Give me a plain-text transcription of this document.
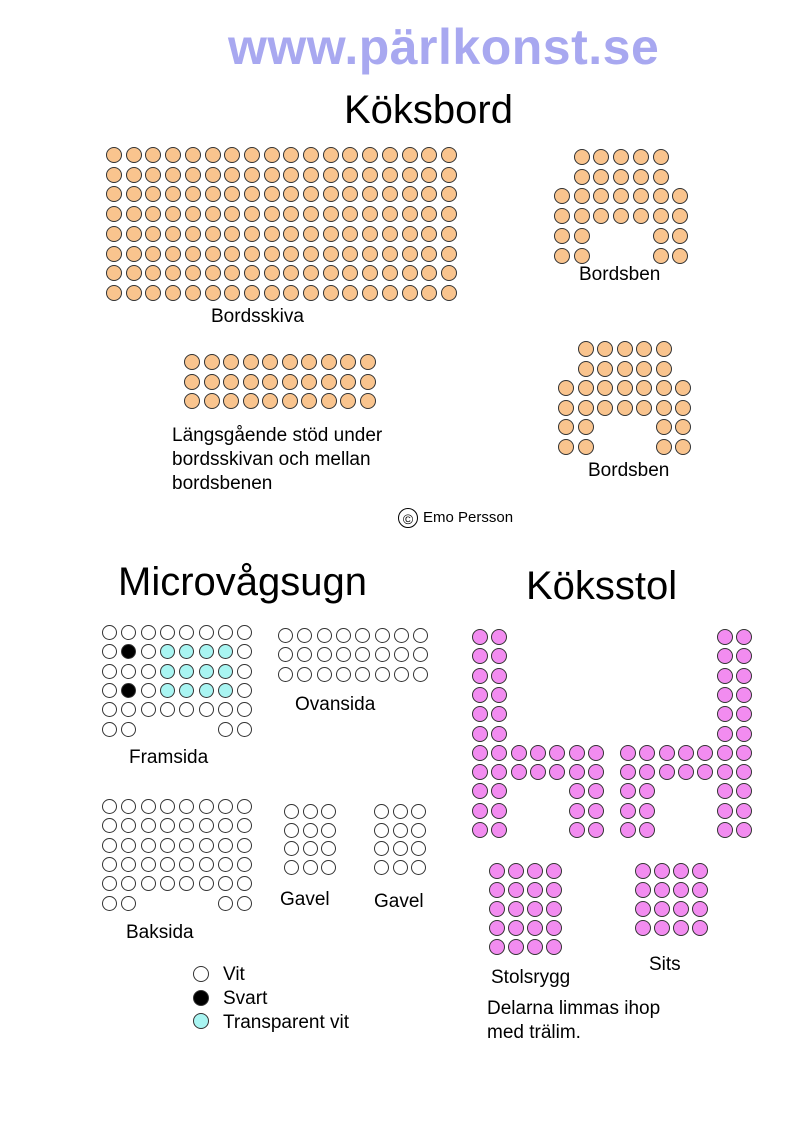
www.pärlkonst.se
Köksbord
Bordsskiva
Bordsben
Bordsben
Längsgående stöd under
bordsskivan och mellan
bordsbenen
© Emo Persson
Microvågsugn
Framsida
Ovansida
Baksida
Gavel Gavel
Köksstol
Stolsrygg
Sits
Delarna limmas ihop
med trälim.
Vit
Svart
Transparent vit
